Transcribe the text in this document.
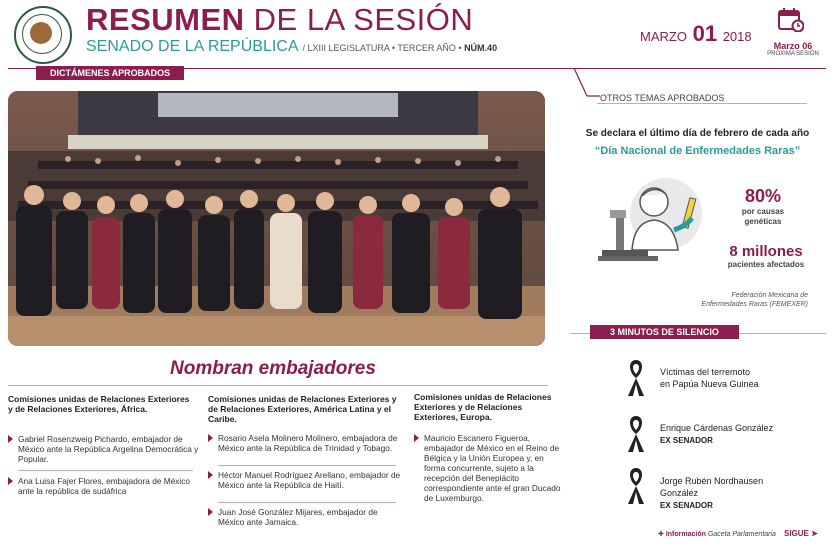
RESUMEN DE LA SESIÓN
SENADO DE LA REPÚBLICA / LXIII LEGISLATURA • TERCER AÑO • NÚM.40
MARZO 01 2018
Marzo 06
PRÓXIMA SESIÓN
DICTÁMENES APROBADOS
OTROS TEMAS APROBADOS
Se declara el último día de febrero de cada año
“Día Nacional de Enfermedades Raras”
80%
por causas
genéticas
8 millones
pacientes afectados
Federación Mexicana de
Enfermedades Raras (FEMEXER)
3 MINUTOS DE SILENCIO
Víctimas del terremoto
en Papúa Nueva Guinea
Enrique Cárdenas González
EX SENADOR
Jorge Rubén Nordhausen
González
EX SENADOR
Nombran embajadores
Comisiones unidas de Relaciones Exteriores y de Relaciones Exteriores, África.
Gabriel Rosenzweig Pichardo, embajador de México ante la República Argelina Democrática y Popular.
Ana Luisa Fajer Flores, embajadora de México ante la república de sudáfrica
Comisiones unidas de Relaciones Exteriores y de Relaciones Exteriores, América Latina y el Caribe.
Rosario Asela Molinero Molinero, embajadora de México ante la República de Trinidad y Tobago.
Héctor Manuel Rodríguez Arellano, embajador de México ante la República de Haití.
Juan José González Mijares, embajador de México ante Jamaica.
Comisiones unidas de Relaciones Exteriores y de Relaciones Exteriores, Europa.
Mauricio Escanero Figueroa, embajador de México en el Reino de Bélgica y la Unión Europea y, en forma concurrente, sujeto a la recepción del Beneplácito correspondiente ante el gran Ducado de Luxemburgo.
✚ Información Gaceta Parlamentaria SIGUE ➤
